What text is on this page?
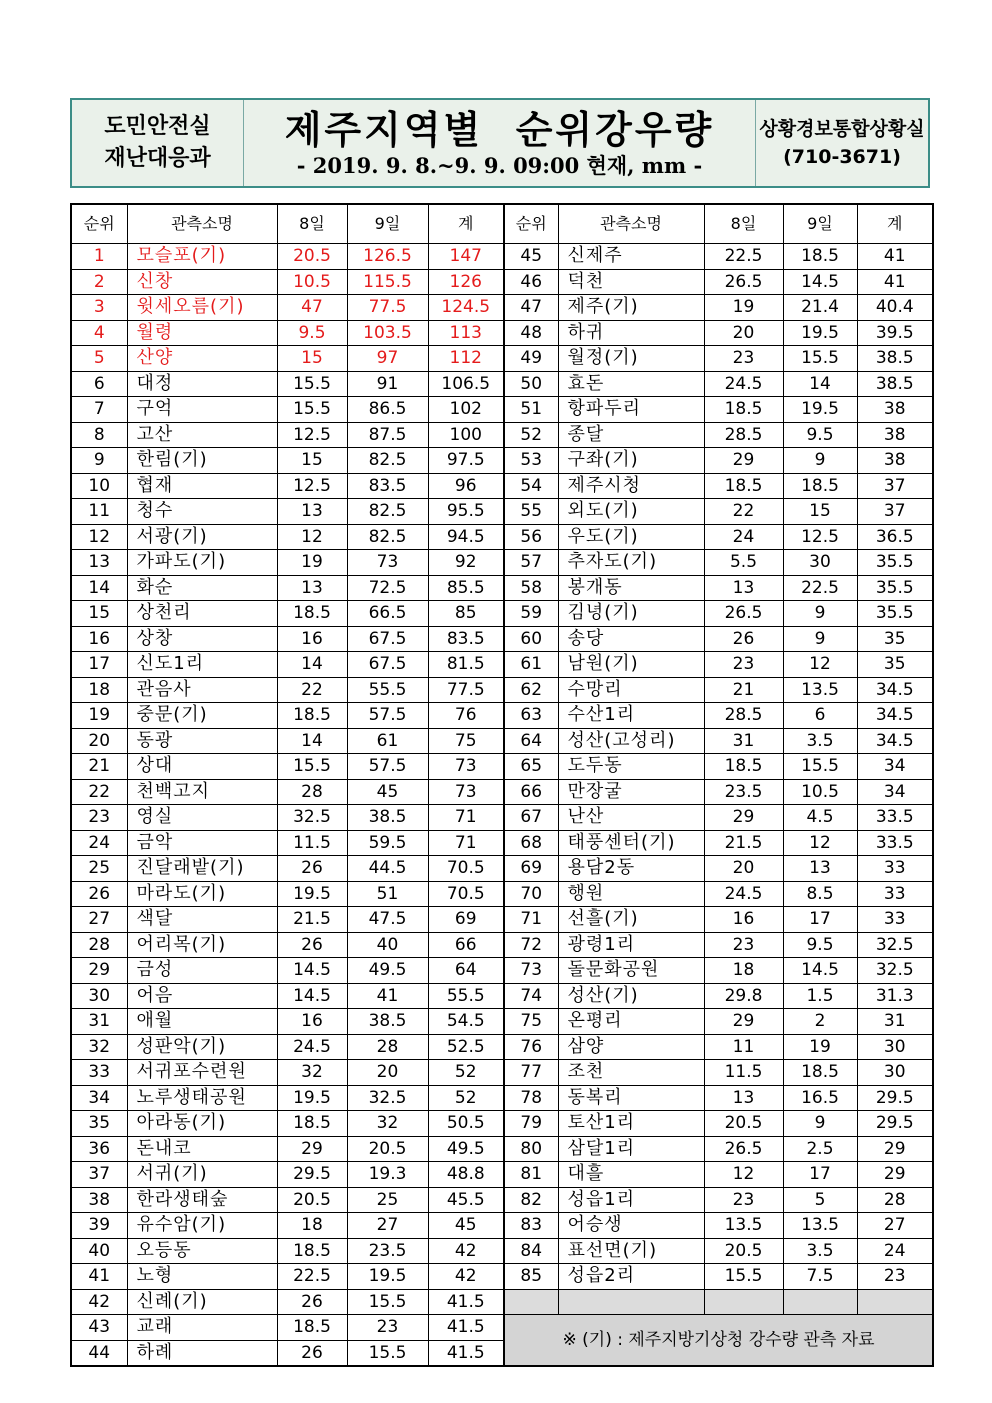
도민안전실
재난대응과
제주지역별  순위강우량
- 2019. 9. 8.~9. 9. 09:00 현재, mm -
상황경보통합상황실
(710-3671)
순위	관측소명	8일	9일	계	순위	관측소명	8일	9일	계
1	모슬포(기)	20.5	126.5	147	45	신제주	22.5	18.5	41
2	신창	10.5	115.5	126	46	덕천	26.5	14.5	41
3	윗세오름(기)	47	77.5	124.5	47	제주(기)	19	21.4	40.4
4	월령	9.5	103.5	113	48	하귀	20	19.5	39.5
5	산양	15	97	112	49	월정(기)	23	15.5	38.5
6	대정	15.5	91	106.5	50	효돈	24.5	14	38.5
7	구억	15.5	86.5	102	51	항파두리	18.5	19.5	38
8	고산	12.5	87.5	100	52	종달	28.5	9.5	38
9	한림(기)	15	82.5	97.5	53	구좌(기)	29	9	38
10	협재	12.5	83.5	96	54	제주시청	18.5	18.5	37
11	청수	13	82.5	95.5	55	외도(기)	22	15	37
12	서광(기)	12	82.5	94.5	56	우도(기)	24	12.5	36.5
13	가파도(기)	19	73	92	57	추자도(기)	5.5	30	35.5
14	화순	13	72.5	85.5	58	봉개동	13	22.5	35.5
15	상천리	18.5	66.5	85	59	김녕(기)	26.5	9	35.5
16	상창	16	67.5	83.5	60	송당	26	9	35
17	신도1리	14	67.5	81.5	61	남원(기)	23	12	35
18	관음사	22	55.5	77.5	62	수망리	21	13.5	34.5
19	중문(기)	18.5	57.5	76	63	수산1리	28.5	6	34.5
20	동광	14	61	75	64	성산(고성리)	31	3.5	34.5
21	상대	15.5	57.5	73	65	도두동	18.5	15.5	34
22	천백고지	28	45	73	66	만장굴	23.5	10.5	34
23	영실	32.5	38.5	71	67	난산	29	4.5	33.5
24	금악	11.5	59.5	71	68	태풍센터(기)	21.5	12	33.5
25	진달래밭(기)	26	44.5	70.5	69	용담2동	20	13	33
26	마라도(기)	19.5	51	70.5	70	행원	24.5	8.5	33
27	색달	21.5	47.5	69	71	선흘(기)	16	17	33
28	어리목(기)	26	40	66	72	광령1리	23	9.5	32.5
29	금성	14.5	49.5	64	73	돌문화공원	18	14.5	32.5
30	어음	14.5	41	55.5	74	성산(기)	29.8	1.5	31.3
31	애월	16	38.5	54.5	75	온평리	29	2	31
32	성판악(기)	24.5	28	52.5	76	삼양	11	19	30
33	서귀포수련원	32	20	52	77	조천	11.5	18.5	30
34	노루생태공원	19.5	32.5	52	78	동복리	13	16.5	29.5
35	아라동(기)	18.5	32	50.5	79	토산1리	20.5	9	29.5
36	돈내코	29	20.5	49.5	80	삼달1리	26.5	2.5	29
37	서귀(기)	29.5	19.3	48.8	81	대흘	12	17	29
38	한라생태숲	20.5	25	45.5	82	성읍1리	23	5	28
39	유수암(기)	18	27	45	83	어승생	13.5	13.5	27
40	오등동	18.5	23.5	42	84	표선면(기)	20.5	3.5	24
41	노형	22.5	19.5	42	85	성읍2리	15.5	7.5	23
42	신례(기)	26	15.5	41.5					
43	교래	18.5	23	41.5	※ (기) : 제주지방기상청 강수량 관측 자료				
44	하례	26	15.5	41.5					
